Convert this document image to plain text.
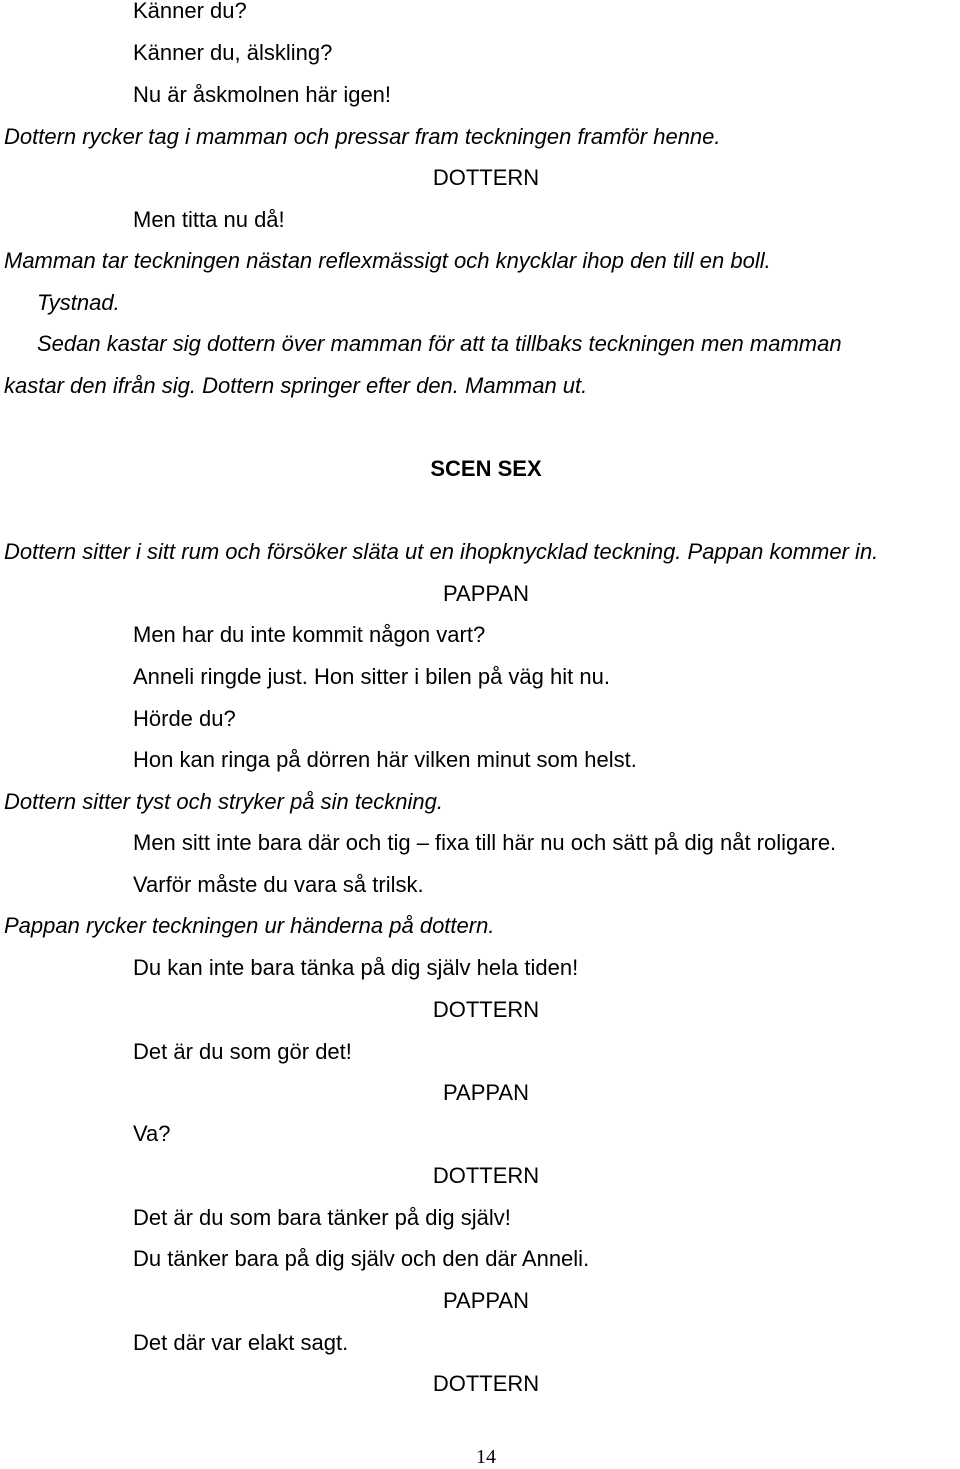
Känner du?

Känner du, älskling?

Nu är åskmolnen här igen!

Dottern rycker tag i mamman och pressar fram teckningen framför henne.

DOTTERN

Men titta nu då!

Mamman tar teckningen nästan reflexmässigt och knycklar ihop den till en boll.

Tystnad.

Sedan kastar sig dottern över mamman för att ta tillbaks teckningen men mamman

kastar den ifrån sig. Dottern springer efter den. Mamman ut.

SCEN SEX

Dottern sitter i sitt rum och försöker släta ut en ihopknycklad teckning. Pappan kommer in.

PAPPAN

Men har du inte kommit någon vart?

Anneli ringde just. Hon sitter i bilen på väg hit nu.

Hörde du?

Hon kan ringa på dörren här vilken minut som helst.

Dottern sitter tyst och stryker på sin teckning.

Men sitt inte bara där och tig – fixa till här nu och sätt på dig nåt roligare.

Varför måste du vara så trilsk.

Pappan rycker teckningen ur händerna på dottern.

Du kan inte bara tänka på dig själv hela tiden!

DOTTERN

Det är du som gör det!

PAPPAN

Va?

DOTTERN

Det är du som bara tänker på dig själv!

Du tänker bara på dig själv och den där Anneli.

PAPPAN

Det där var elakt sagt.

DOTTERN

14
